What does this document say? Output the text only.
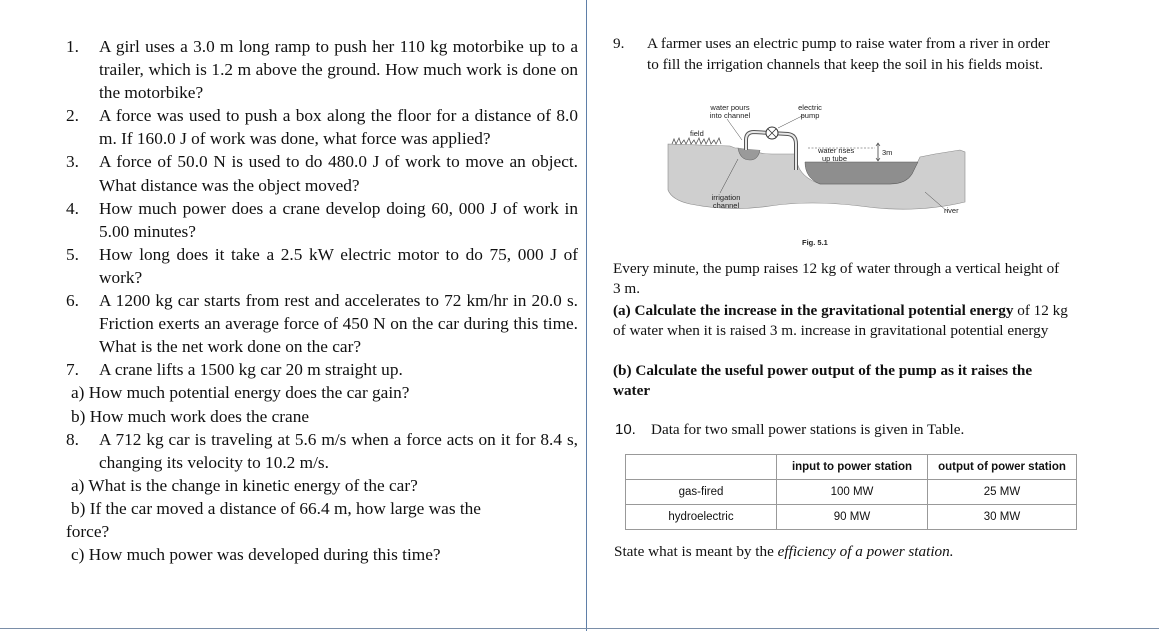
1.	A girl uses a 3.0 m long ramp to push her 110 kg motorbike up to a trailer, which is 1.2 m above the ground. How much work is done on the motorbike?
2.	A force was used to push a box along the floor for a distance of 8.0 m. If 160.0 J of work was done, what force was applied?
3.	A force of 50.0 N is used to do 480.0 J of work to move an object. What distance was the object moved?
4.	How much power does a crane develop doing 60, 000 J of work in 5.00 minutes?
5.	How long does it take a 2.5 kW electric motor to do 75, 000 J of work?
6.	A 1200 kg car starts from rest and accelerates to 72 km/hr in 20.0 s. Friction exerts an average force of 450 N on the car during this time. What is the net work done on the car?
7.	A crane lifts a 1500 kg car 20 m straight up.
a) How much potential energy does the car gain?
b) How much work does the crane
8.	A 712 kg car is traveling at 5.6 m/s when a force acts on it for 8.4 s, changing its velocity to 10.2 m/s.
a) What is the change in kinetic energy of the car?
b) If the car moved a distance of 66.4 m, how large was the
force?
c) How much power was developed during this time?
9.	A farmer uses an electric pump to raise water from a river in order to fill the irrigation channels that keep the soil in his fields moist.
water pours
into channel
electric
pump
field
water rises
up tube
3m
irrigation
channel
river
Fig. 5.1
Every minute, the pump raises 12 kg of water through a vertical height of 3 m.
(a) Calculate the increase in the gravitational potential energy of 12 kg of water when it is raised 3 m. increase in gravitational potential energy
(b) Calculate the useful power output of the pump as it raises the water
10. Data for two small power stations is given in Table.
	input to power station	output of power station
gas-fired	100 MW	25 MW
hydroelectric	90 MW	30 MW
State what is meant by the efficiency of a power station.
